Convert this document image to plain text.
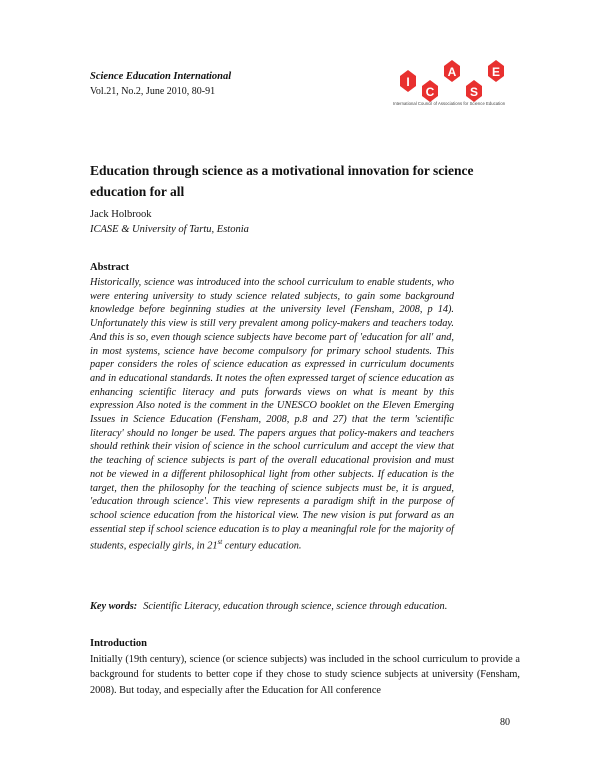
Science Education International
Vol.21, No.2, June 2010, 80-91
I
C
A
S
E
International Council of Associations for Science Education
Education through science as a motivational innovation for science education for all
Jack Holbrook
ICASE & University of Tartu, Estonia
Abstract

Historically, science was introduced into the school curriculum to enable students, who were entering university to study science related subjects, to gain some background knowledge before beginning studies at the university level (Fensham, 2008, p 14). Unfortunately this view is still very prevalent among policy-makers and teachers today. And this is so, even though science subjects have become part of 'education for all' and, in most systems, science have become compulsory for primary school students. This paper considers the roles of science education as expressed in curriculum documents and in educational standards. It notes the often expressed target of science education as enhancing scientific literacy and puts forwards views on what is meant by this expression Also noted is the comment in the UNESCO booklet on the Eleven Emerging Issues in Science Education (Fensham, 2008, p.8 and 27) that the term 'scientific literacy' should no longer be used. The papers argues that policy-makers and teachers should rethink their vision of science in the school curriculum and accept the view that the teaching of science subjects is part of the overall educational provision and must not be viewed in a different philosophical light from other subjects. If education is the target, then the philosophy for the teaching of science subjects must be, it is argued, 'education through science'. This view represents a paradigm shift in the purpose of school science education from the historical view. The new vision is put forward as an essential step if school science education is to play a meaningful role for the majority of students, especially girls, in 21st century education.

Key words: Scientific Literacy, education through science, science through education.

Introduction

Initially (19th century), science (or science subjects) was included in the school curriculum to provide a background for students to better cope if they chose to study science subjects at university (Fensham, 2008). But today, and especially after the Education for All conference

80
